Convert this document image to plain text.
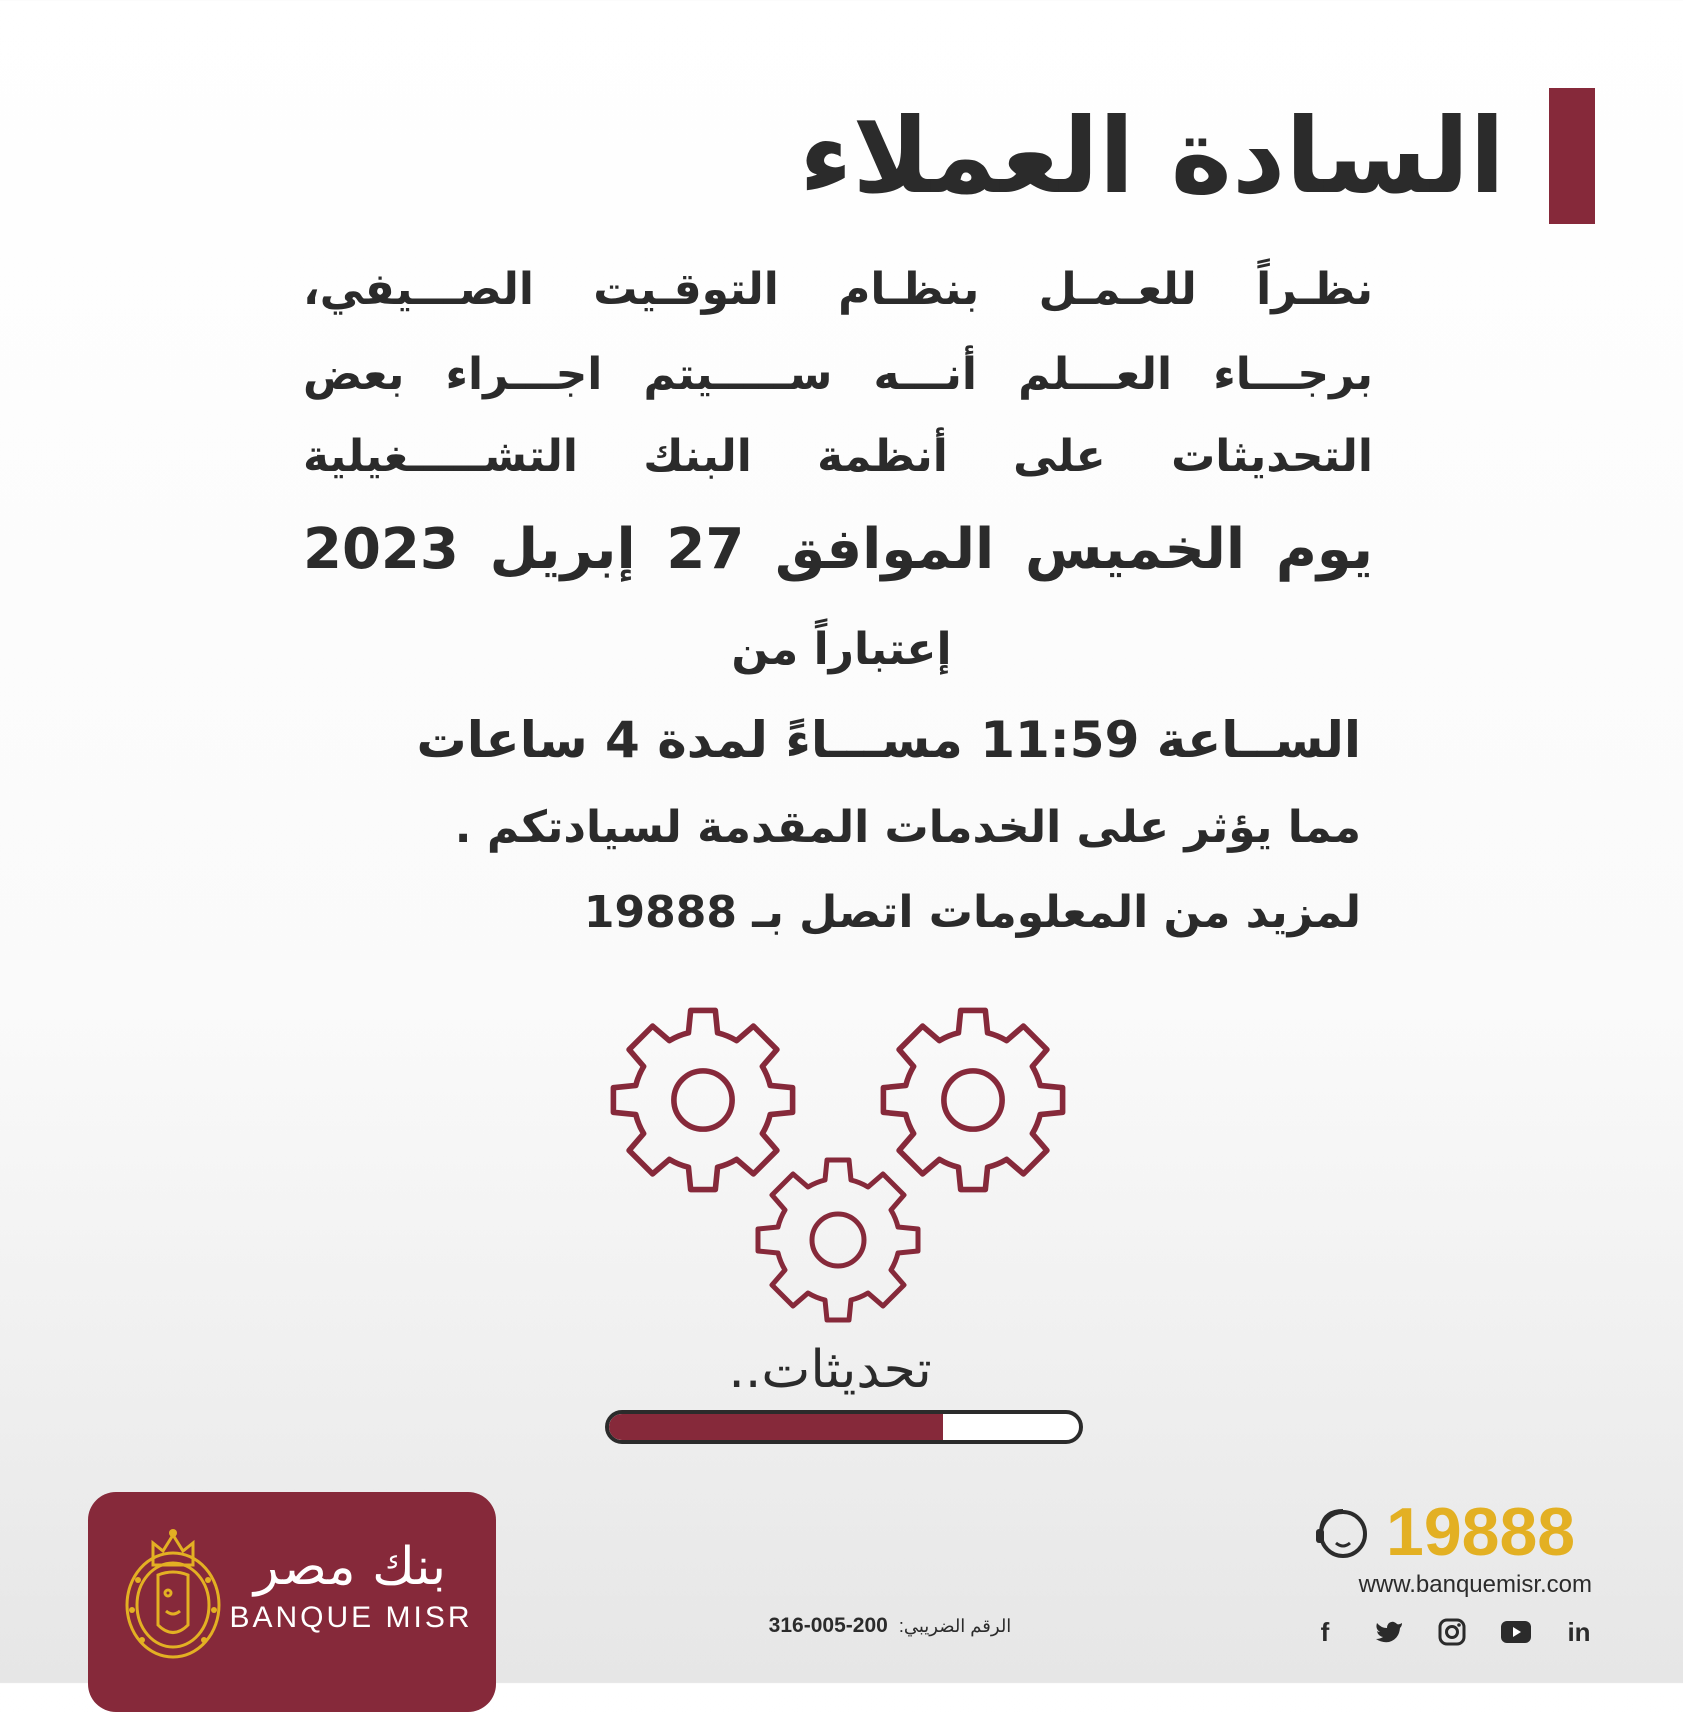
السادة العملاء
نظـراً للعـمـل بنظـام التوقـيت الصـــيفي،
برجـــاء العـــلم أنـــه ســـــيتم اجـــراء بعض
التحديثات على أنظمة البنك التشـــــغيلية
يوم الخميس الموافق 27 إبريل 2023
إعتباراً من
الســاعة 11:59 مســـاءً لمدة 4 ساعات
مما يؤثر على الخدمات المقدمة لسيادتكم .
لمزيد من المعلومات اتصل بـ 19888
تحديثات..
بنك مصر
BANQUE MISR	الرقم الضريبي: 200-005-316
19888
www.banquemisr.com
f	in
